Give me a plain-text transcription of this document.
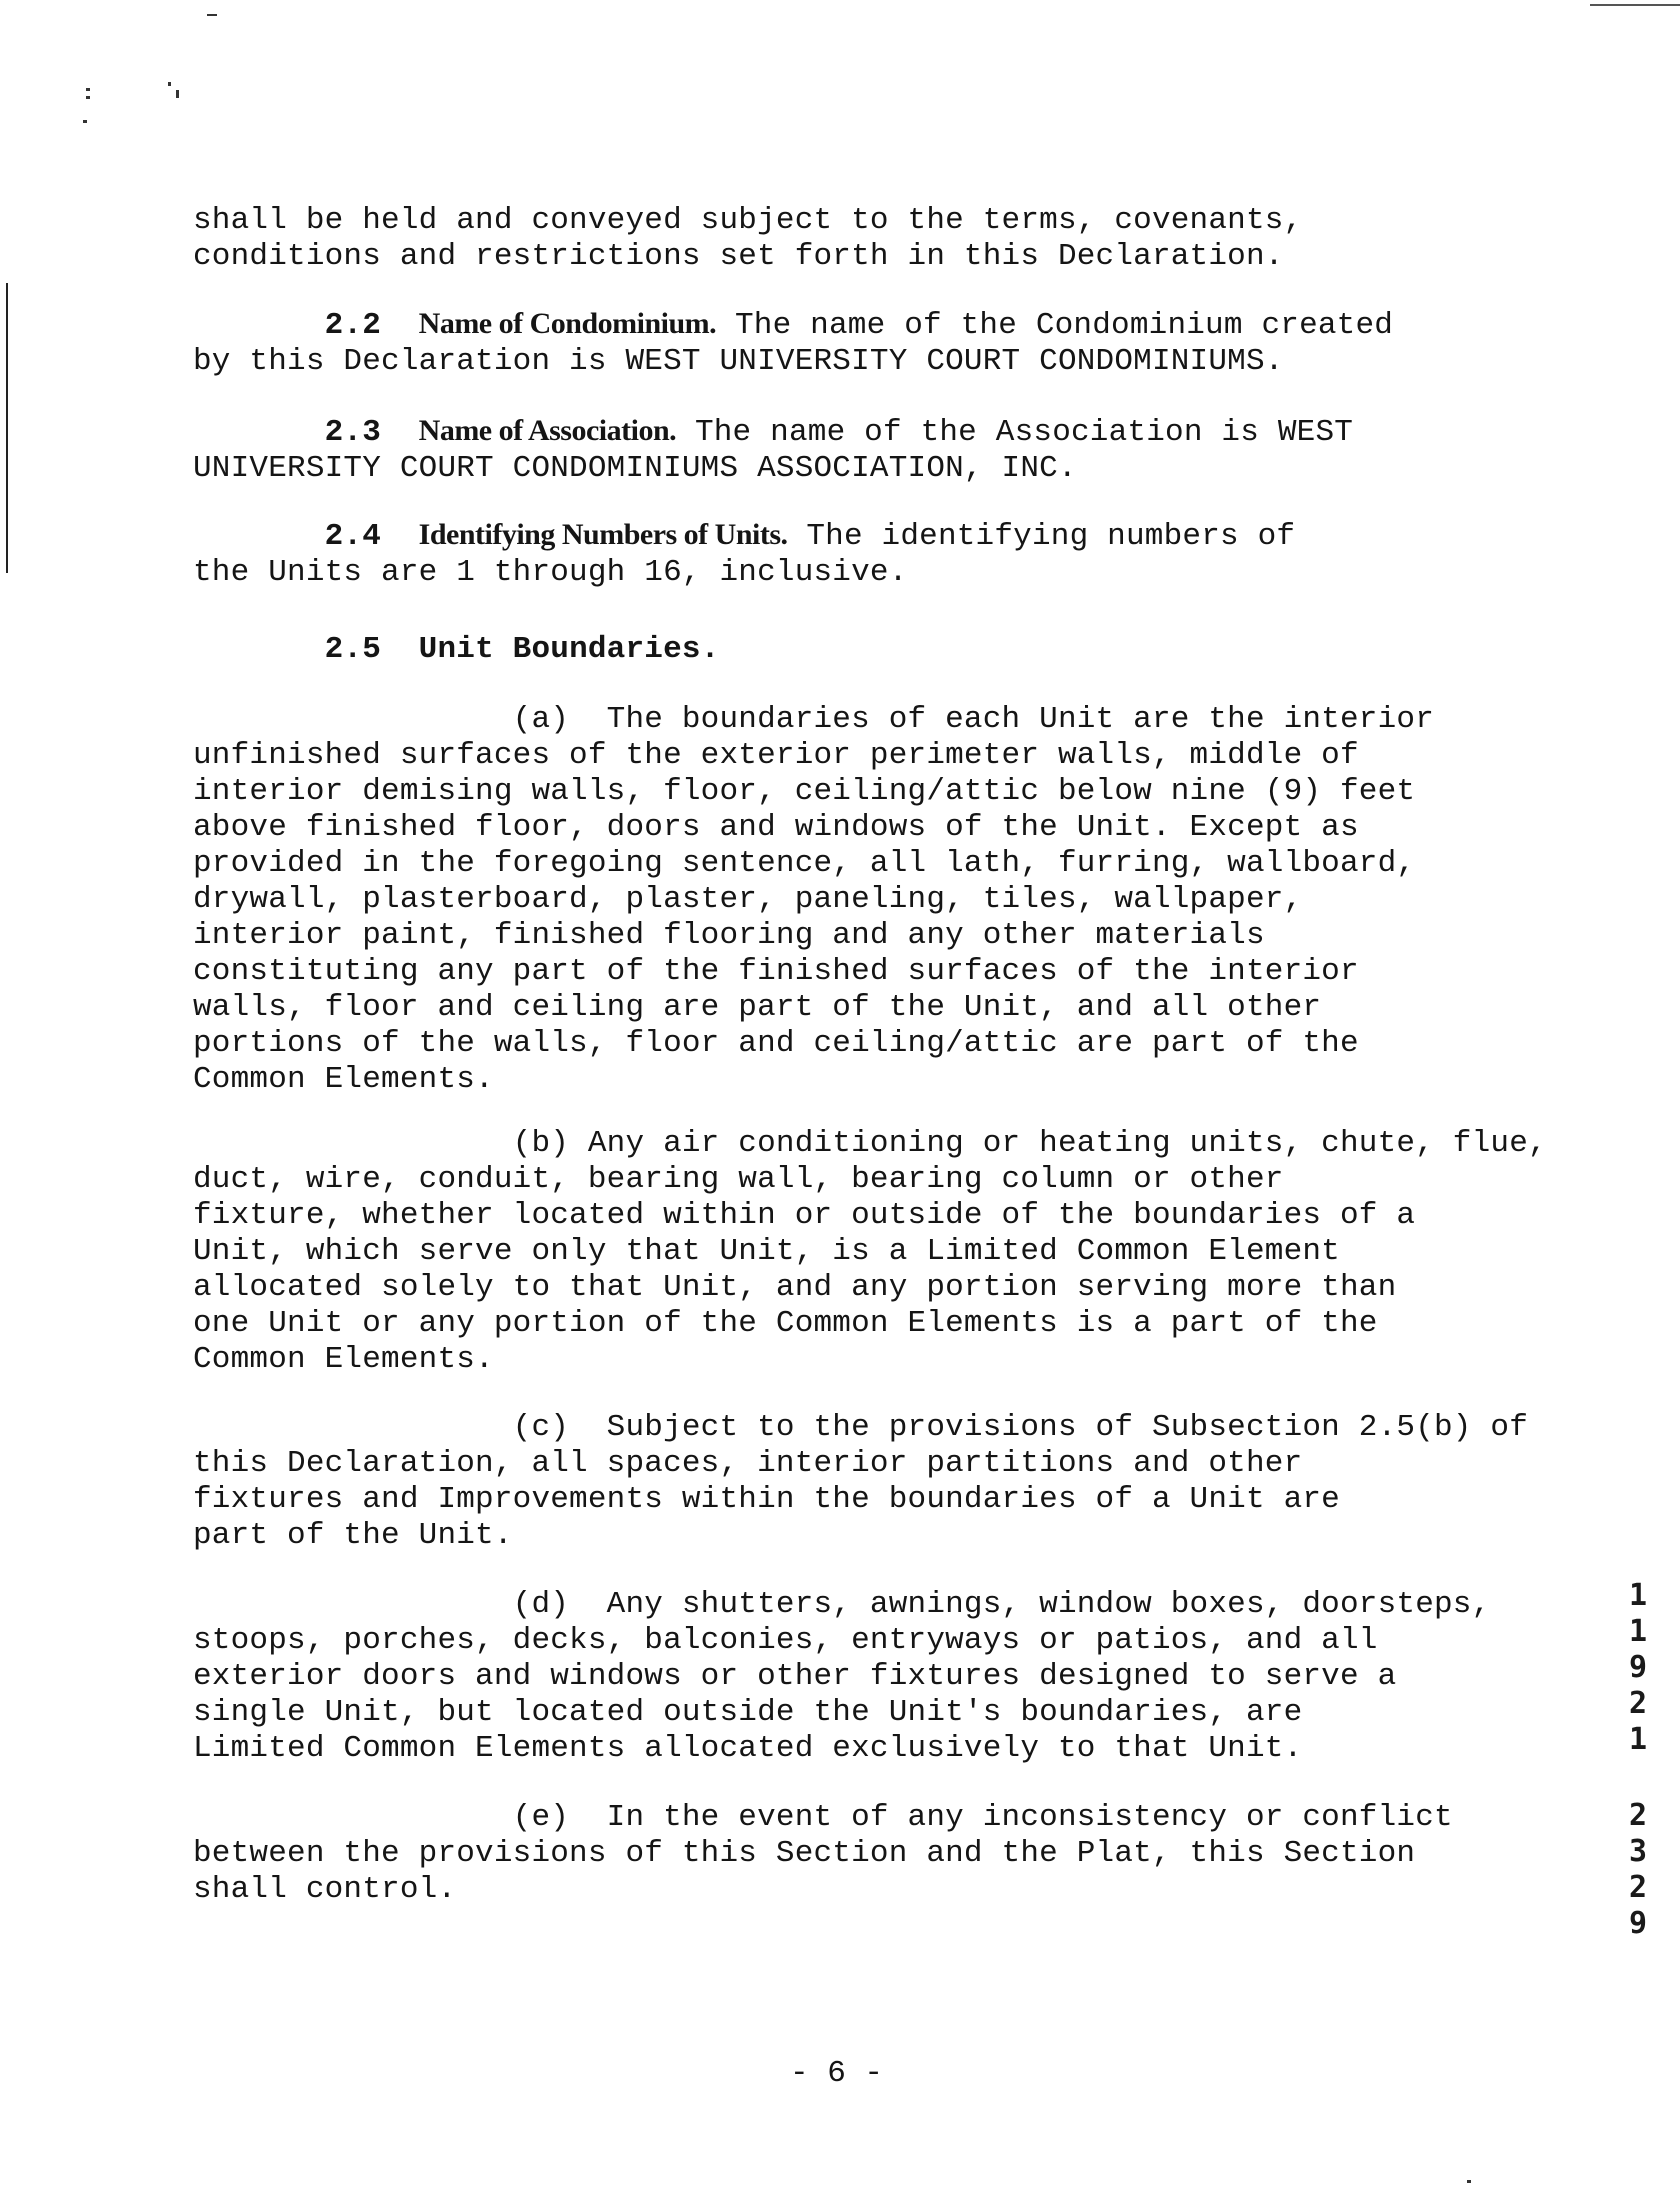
shall be held and conveyed subject to the terms, covenants,
conditions and restrictions set forth in this Declaration.
2.2 Name of Condominium. The name of the Condominium created
by this Declaration is WEST UNIVERSITY COURT CONDOMINIUMS.
2.3 Name of Association. The name of the Association is WEST
UNIVERSITY COURT CONDOMINIUMS ASSOCIATION, INC.
2.4 Identifying Numbers of Units. The identifying numbers of
the Units are 1 through 16, inclusive.
2.5 Unit Boundaries.
(a)  The boundaries of each Unit are the interior
unfinished surfaces of the exterior perimeter walls, middle of
interior demising walls, floor, ceiling/attic below nine (9) feet
above finished floor, doors and windows of the Unit. Except as
provided in the foregoing sentence, all lath, furring, wallboard,
drywall, plasterboard, plaster, paneling, tiles, wallpaper,
interior paint, finished flooring and any other materials
constituting any part of the finished surfaces of the interior
walls, floor and ceiling are part of the Unit, and all other
portions of the walls, floor and ceiling/attic are part of the
Common Elements.
(b) Any air conditioning or heating units, chute, flue,
duct, wire, conduit, bearing wall, bearing column or other
fixture, whether located within or outside of the boundaries of a
Unit, which serve only that Unit, is a Limited Common Element
allocated solely to that Unit, and any portion serving more than
one Unit or any portion of the Common Elements is a part of the
Common Elements.
(c)  Subject to the provisions of Subsection 2.5(b) of
this Declaration, all spaces, interior partitions and other
fixtures and Improvements within the boundaries of a Unit are
part of the Unit.
(d)  Any shutters, awnings, window boxes, doorsteps,
stoops, porches, decks, balconies, entryways or patios, and all
exterior doors and windows or other fixtures designed to serve a
single Unit, but located outside the Unit's boundaries, are
Limited Common Elements allocated exclusively to that Unit.
(e)  In the event of any inconsistency or conflict
between the provisions of this Section and the Plat, this Section
shall control.
1
1
9
2
1
2
3
2
9
- 6 -
